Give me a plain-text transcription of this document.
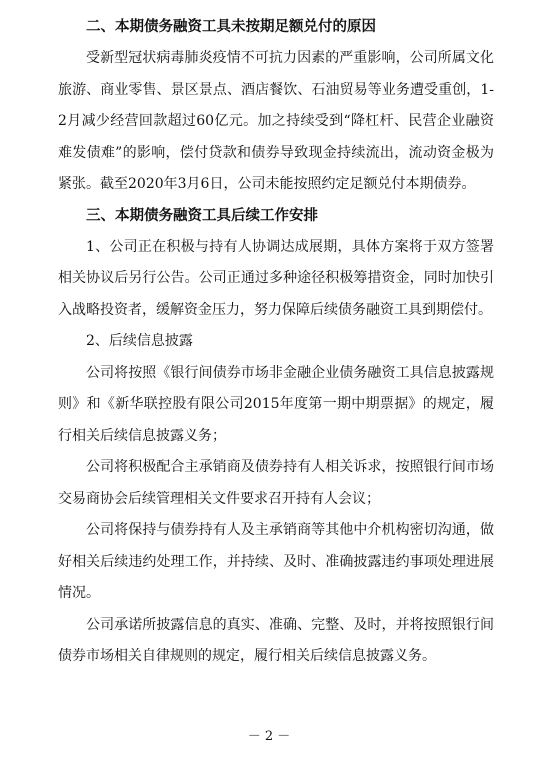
二、本期债务融资工具未按期足额兑付的原因

受新型冠状病毒肺炎疫情不可抗力因素的严重影响，公司所属文化旅游、商业零售、景区景点、酒店餐饮、石油贸易等业务遭受重创，1-2月减少经营回款超过60亿元。加之持续受到“降杠杆、民营企业融资难发债难”的影响，偿付贷款和债券导致现金持续流出，流动资金极为紧张。截至2020年3月6日，公司未能按照约定足额兑付本期债券。

三、本期债务融资工具后续工作安排

1、公司正在积极与持有人协调达成展期，具体方案将于双方签署相关协议后另行公告。公司正通过多种途径积极筹措资金，同时加快引入战略投资者，缓解资金压力，努力保障后续债务融资工具到期偿付。

2、后续信息披露

公司将按照《银行间债券市场非金融企业债务融资工具信息披露规则》和《新华联控股有限公司2015年度第一期中期票据》的规定，履行相关后续信息披露义务；

公司将积极配合主承销商及债券持有人相关诉求，按照银行间市场交易商协会后续管理相关文件要求召开持有人会议；

公司将保持与债券持有人及主承销商等其他中介机构密切沟通，做好相关后续违约处理工作，并持续、及时、准确披露违约事项处理进展情况。

公司承诺所披露信息的真实、准确、完整、及时，并将按照银行间债券市场相关自律规则的规定，履行相关后续信息披露义务。

－ 2 －
